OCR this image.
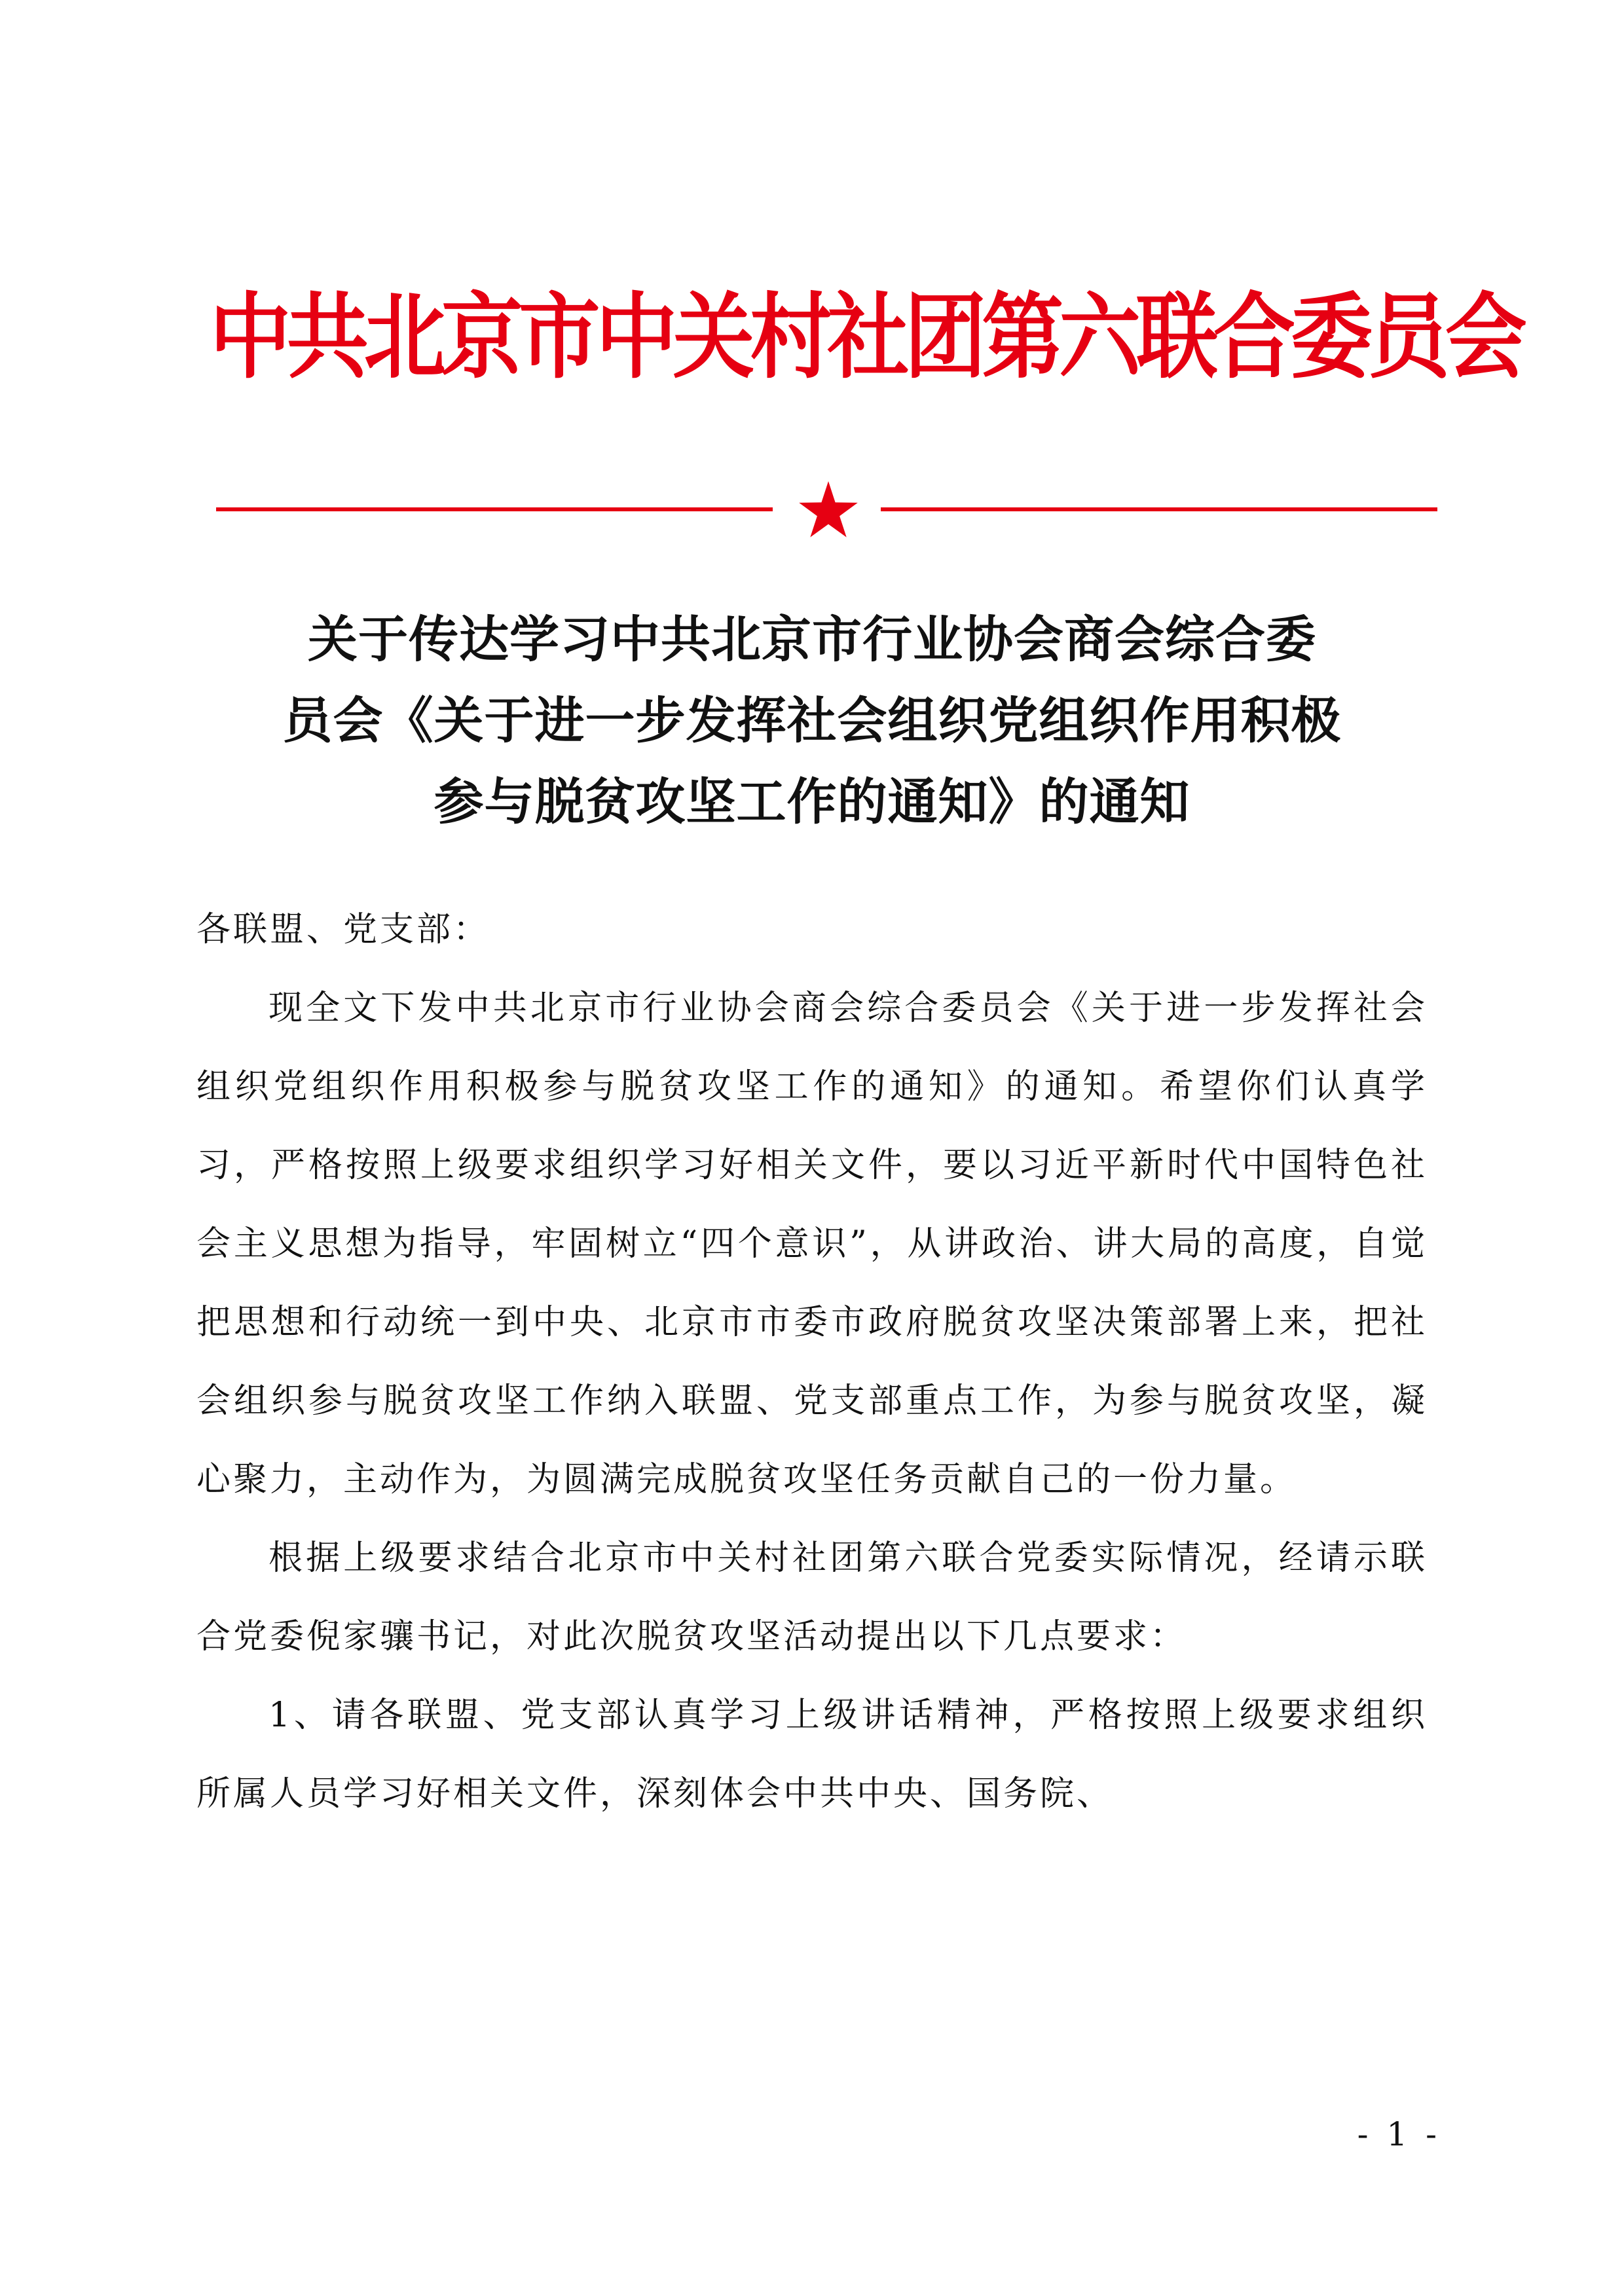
中共北京市中关村社团第六联合委员会
关于传达学习中共北京市行业协会商会综合委
员会《关于进一步发挥社会组织党组织作用积极
参与脱贫攻坚工作的通知》的通知

各联盟、党支部：

现全文下发中共北京市行业协会商会综合委员会《关于进一步发挥社会组织党组织作用积极参与脱贫攻坚工作的通知》的通知。希望你们认真学习，严格按照上级要求组织学习好相关文件，要以习近平新时代中国特色社会主义思想为指导，牢固树立“四个意识”，从讲政治、讲大局的高度，自觉把思想和行动统一到中央、北京市市委市政府脱贫攻坚决策部署上来，把社会组织参与脱贫攻坚工作纳入联盟、党支部重点工作，为参与脱贫攻坚，凝心聚力，主动作为，为圆满完成脱贫攻坚任务贡献自己的一份力量。

根据上级要求结合北京市中关村社团第六联合党委实际情况，经请示联合党委倪家骧书记，对此次脱贫攻坚活动提出以下几点要求：

1、请各联盟、党支部认真学习上级讲话精神，严格按照上级要求组织所属人员学习好相关文件，深刻体会中共中央、国务院、

- 1 -
